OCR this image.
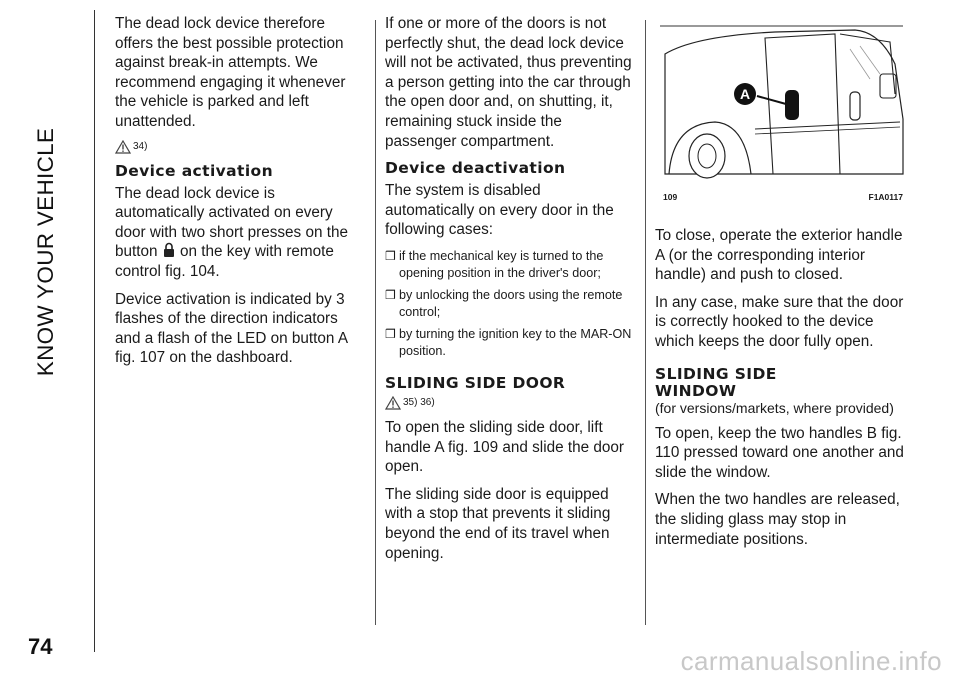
KNOW YOUR VEHICLE

The dead lock device therefore offers the best possible protection against break-in attempts. We recommend engaging it whenever the vehicle is parked and left unattended.

34)
Device activation

The dead lock device is automatically activated on every door with two short presses on the button on the key with remote control fig. 104.

Device activation is indicated by 3 flashes of the direction indicators and a flash of the LED on button A fig. 107 on the dashboard.

If one or more of the doors is not perfectly shut, the dead lock device will not be activated, thus preventing a person getting into the car through the open door and, on shutting, it, remaining stuck inside the passenger compartment.

Device deactivation

The system is disabled automatically on every door in the following cases:

❒ if the mechanical key is turned to the opening position in the driver's door;
❒ by unlocking the doors using the remote control;
❒ by turning the ignition key to the MAR-ON position.
SLIDING SIDE DOOR
35) 36)

To open the sliding side door, lift handle A fig. 109 and slide the door open.

The sliding side door is equipped with a stop that prevents it sliding beyond the end of its travel when opening.

A
109	F1A0117

To close, operate the exterior handle A (or the corresponding interior handle) and push to closed.

In any case, make sure that the door is correctly hooked to the device which keeps the door fully open.

SLIDING SIDE WINDOW
(for versions/markets, where provided)

To open, keep the two handles B fig. 110 pressed toward one another and slide the window.

When the two handles are released, the sliding glass may stop in intermediate positions.

74	carmanualsonline.info
